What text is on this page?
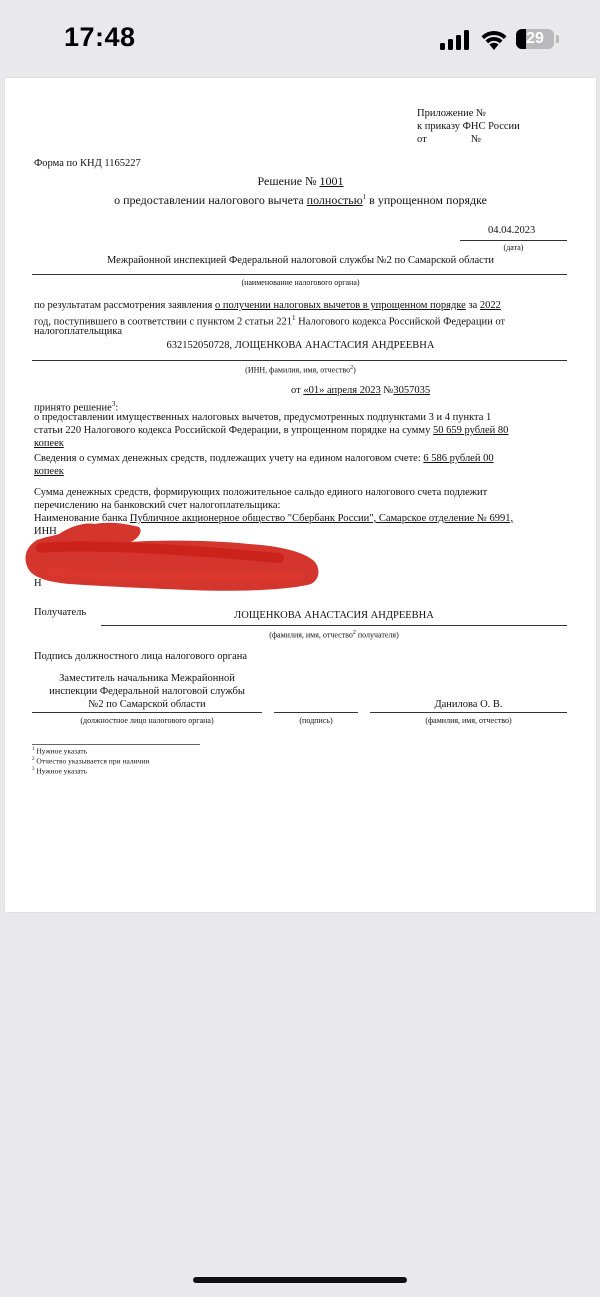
17:48	29
Приложение №
к приказу ФНС России
от	№
Форма по КНД 1165227
Решение № 1001
о предоставлении налогового вычета полностью$^1$ в упрощенном порядке
04.04.2023
(дата)
Межрайонной инспекцией Федеральной налоговой службы №2 по Самарской области
(наименование налогового органа)
по результатам рассмотрения заявления о получении налоговых вычетов в упрощенном порядке за 2022
год, поступившего в соответствии с пунктом 2 статьи $221^1$ Налогового кодекса Российской Федерации от
налогоплательщика
632152050728, ЛОЩЕНКОВА АНАСТАСИЯ АНДРЕЕВНА
(ИНН, фамилия, имя, отчество$^2$)
от «01» апреля 2023 №3057035
принято решение$^3$:
о предоставлении имущественных налоговых вычетов, предусмотренных подпунктами 3 и 4 пункта 1
статьи 220 Налогового кодекса Российской Федерации, в упрощенном порядке на сумму 50 659 рублей 80
копеек
Сведения о суммах денежных средств, подлежащих учету на едином налоговом счете: 6 586 рублей 00
копеек
Сумма денежных средств, формирующих положительное сальдо единого налогового счета подлежит
перечислению на банковский счет налогоплательщика:
Наименование банка Публичное акционерное общество "Сбербанк России", Самарское отделение № 6991,
ИНН
Н
Получатель	ЛОЩЕНКОВА АНАСТАСИЯ АНДРЕЕВНА
(фамилия, имя, отчество$^2$ получателя)
Подпись должностного лица налогового органа
Заместитель начальника Межрайонной
инспекции Федеральной налоговой службы
№2 по Самарской области	Данилова О. В.
(должностное лицо налогового органа)	(подпись)	(фамилия, имя, отчество)
$^1$ Нужное указать
$^2$ Отчество указывается при наличии
$^3$ Нужное указать
